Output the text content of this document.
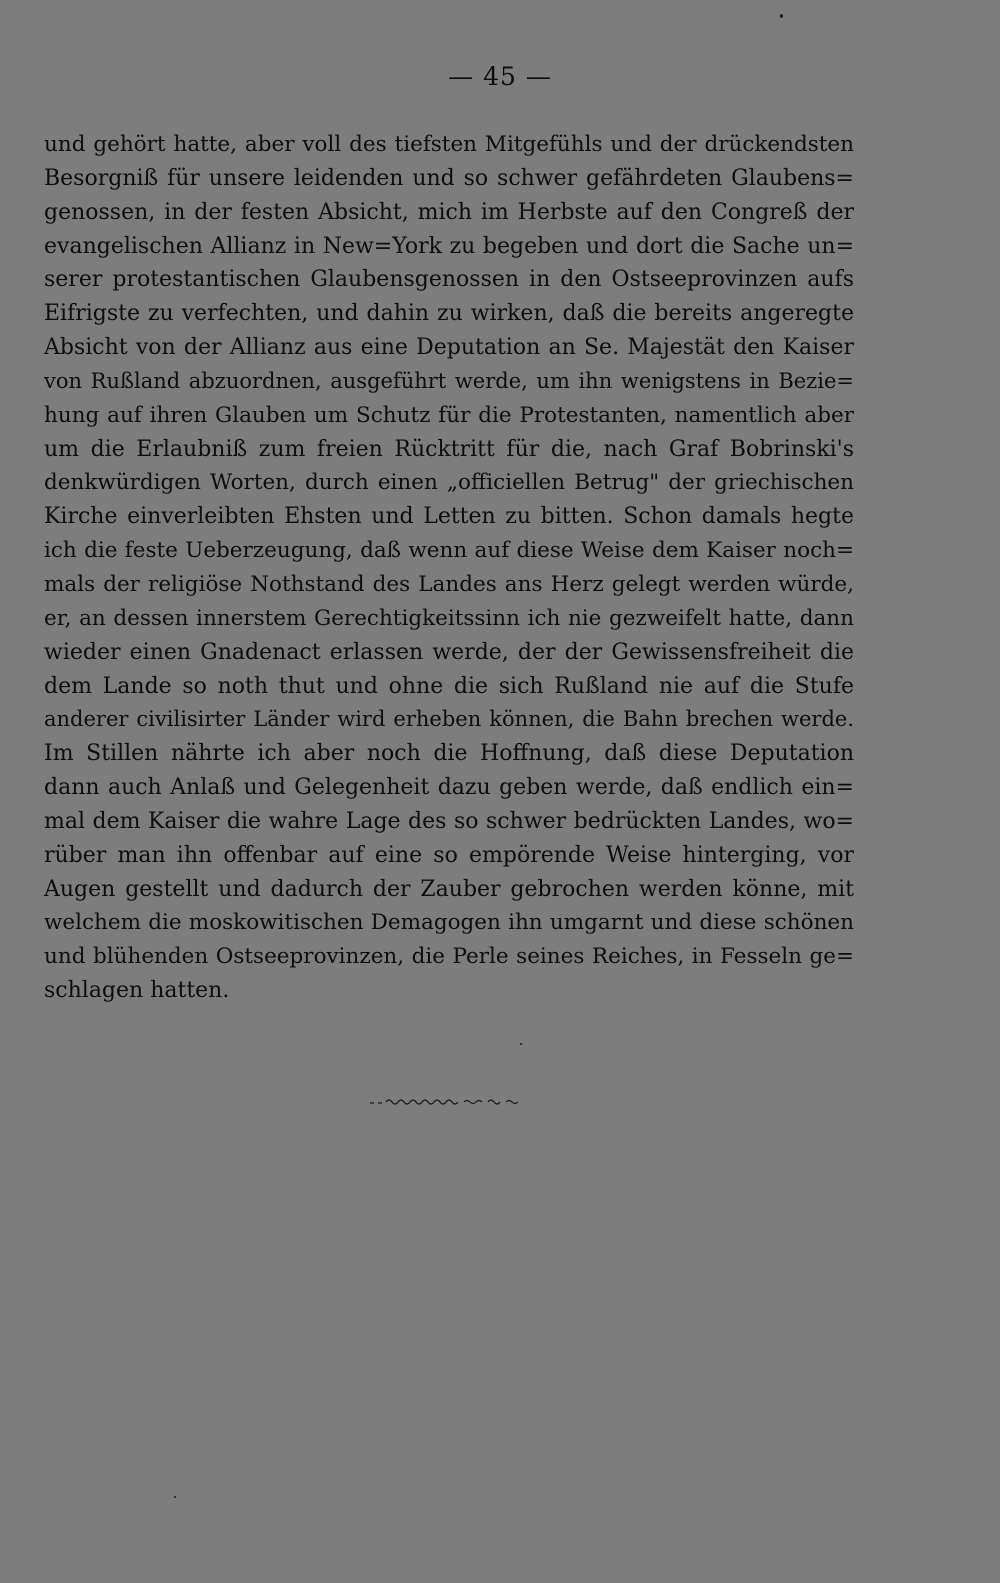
— 45 —
und gehört hatte, aber voll des tiefsten Mitgefühls und der drückendsten
Besorgniß für unsere leidenden und so schwer gefährdeten Glaubens=
genossen, in der festen Absicht, mich im Herbste auf den Congreß der
evangelischen Allianz in New=York zu begeben und dort die Sache un=
serer protestantischen Glaubensgenossen in den Ostseeprovinzen aufs
Eifrigste zu verfechten, und dahin zu wirken, daß die bereits angeregte
Absicht von der Allianz aus eine Deputation an Se. Majestät den Kaiser
von Rußland abzuordnen, ausgeführt werde, um ihn wenigstens in Bezie=
hung auf ihren Glauben um Schutz für die Protestanten, namentlich aber
um die Erlaubniß zum freien Rücktritt für die, nach Graf Bobrinski's
denkwürdigen Worten, durch einen „officiellen Betrug" der griechischen
Kirche einverleibten Ehsten und Letten zu bitten. Schon damals hegte
ich die feste Ueberzeugung, daß wenn auf diese Weise dem Kaiser noch=
mals der religiöse Nothstand des Landes ans Herz gelegt werden würde,
er, an dessen innerstem Gerechtigkeitssinn ich nie gezweifelt hatte, dann
wieder einen Gnadenact erlassen werde, der der Gewissensfreiheit die
dem Lande so noth thut und ohne die sich Rußland nie auf die Stufe
anderer civilisirter Länder wird erheben können, die Bahn brechen werde.
Im Stillen nährte ich aber noch die Hoffnung, daß diese Deputation
dann auch Anlaß und Gelegenheit dazu geben werde, daß endlich ein=
mal dem Kaiser die wahre Lage des so schwer bedrückten Landes, wo=
rüber man ihn offenbar auf eine so empörende Weise hinterging, vor
Augen gestellt und dadurch der Zauber gebrochen werden könne, mit
welchem die moskowitischen Demagogen ihn umgarnt und diese schönen
und blühenden Ostseeprovinzen, die Perle seines Reiches, in Fesseln ge=
schlagen hatten.
